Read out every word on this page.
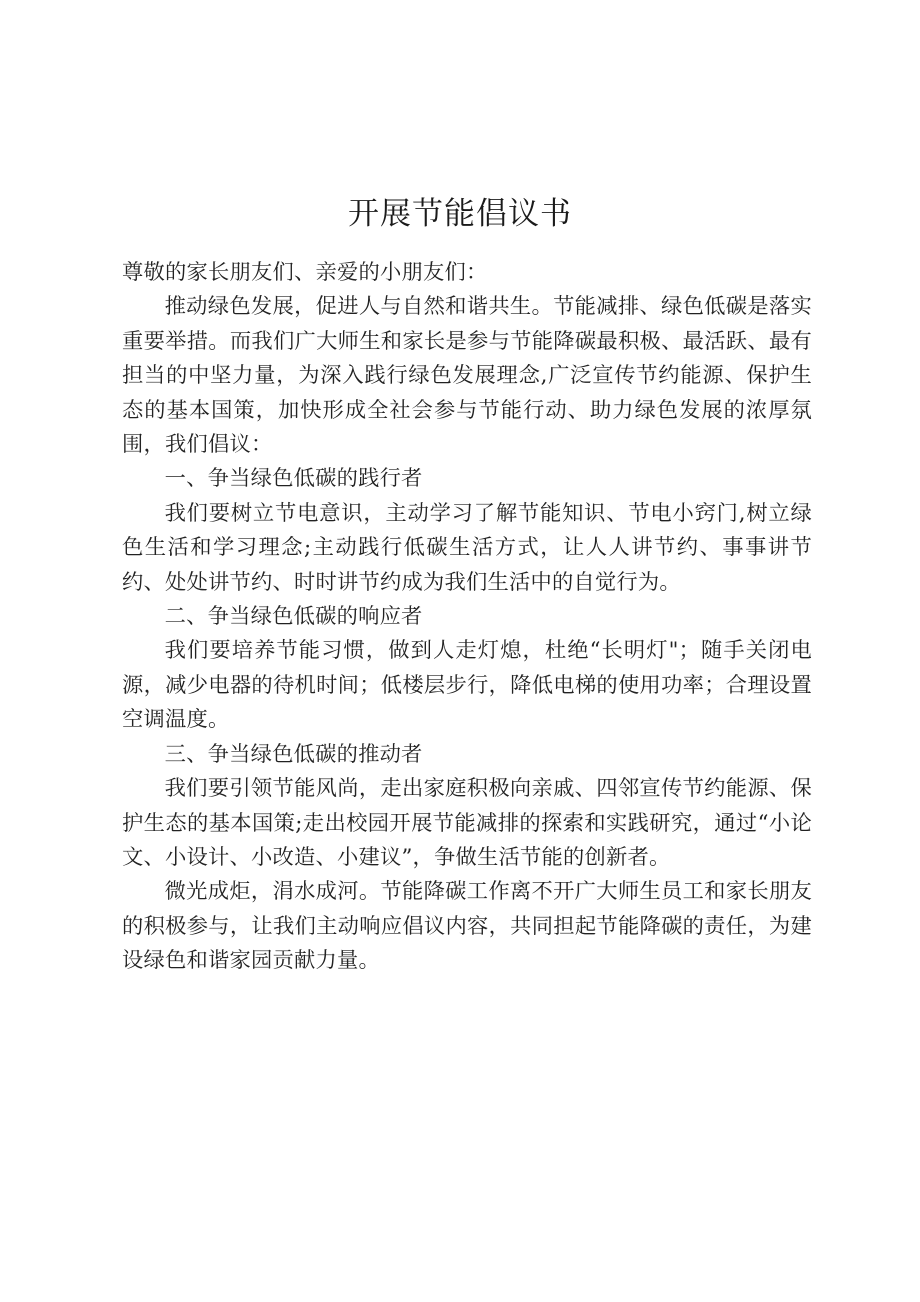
开展节能倡议书

尊敬的家长朋友们、亲爱的小朋友们：

推动绿色发展，促进人与自然和谐共生。节能减排、绿色低碳是落实重要举措。而我们广大师生和家长是参与节能降碳最积极、最活跃、最有担当的中坚力量，为深入践行绿色发展理念,广泛宣传节约能源、保护生态的基本国策，加快形成全社会参与节能行动、助力绿色发展的浓厚氛围，我们倡议：

一、争当绿色低碳的践行者

我们要树立节电意识，主动学习了解节能知识、节电小窍门,树立绿色生活和学习理念;主动践行低碳生活方式，让人人讲节约、事事讲节约、处处讲节约、时时讲节约成为我们生活中的自觉行为。

二、争当绿色低碳的响应者

我们要培养节能习惯，做到人走灯熄，杜绝“长明灯"；随手关闭电源，减少电器的待机时间；低楼层步行，降低电梯的使用功率；合理设置空调温度。

三、争当绿色低碳的推动者

我们要引领节能风尚，走出家庭积极向亲戚、四邻宣传节约能源、保护生态的基本国策;走出校园开展节能减排的探索和实践研究，通过“小论文、小设计、小改造、小建议”，争做生活节能的创新者。

微光成炬，涓水成河。节能降碳工作离不开广大师生员工和家长朋友的积极参与，让我们主动响应倡议内容，共同担起节能降碳的责任，为建设绿色和谐家园贡献力量。
